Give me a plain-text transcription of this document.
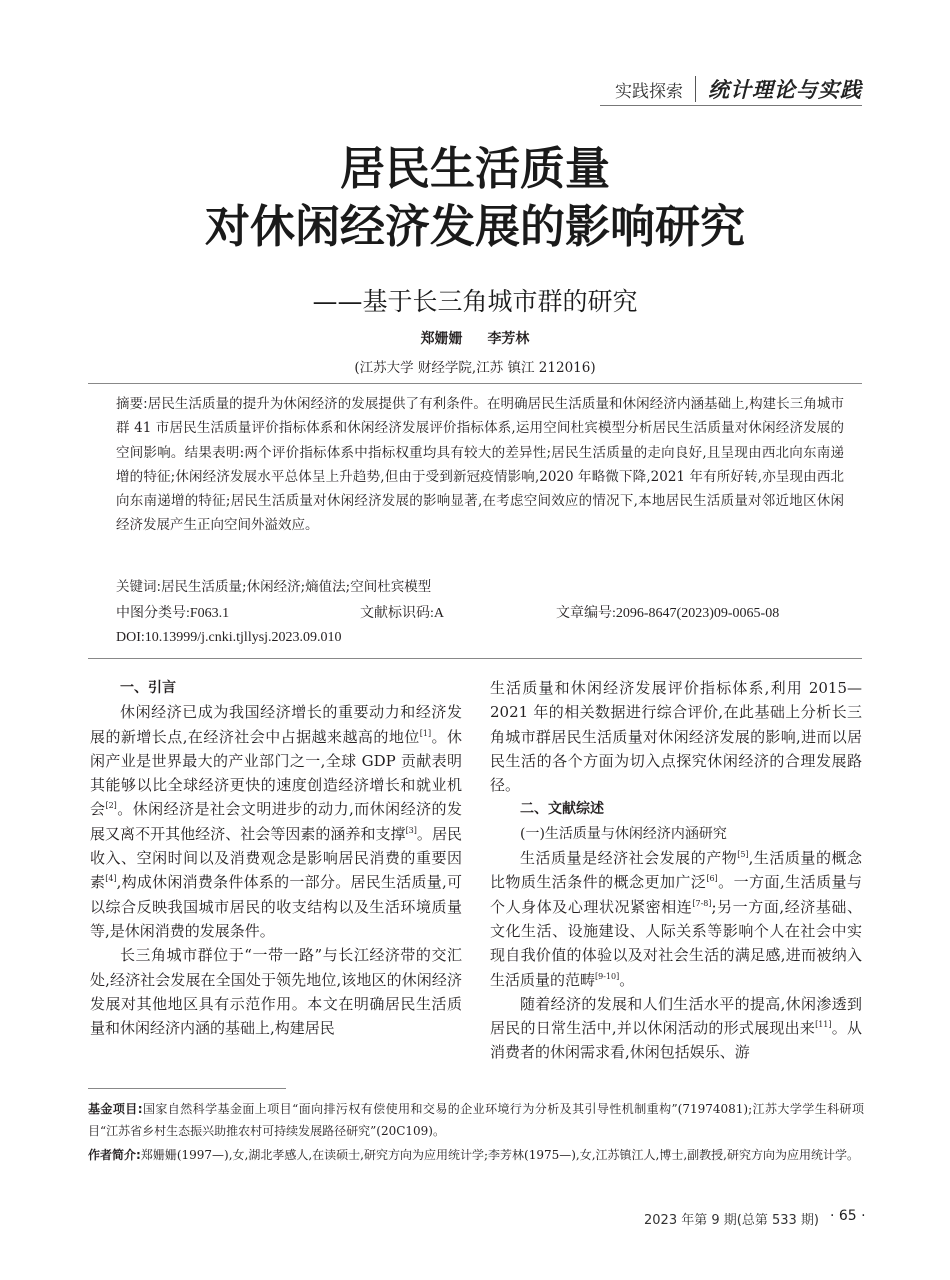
实践探索 统计理论与实践
居民生活质量
对休闲经济发展的影响研究
——基于长三角城市群的研究
郑姗姗 李芳林
(江苏大学 财经学院,江苏 镇江 212016)
摘要:居民生活质量的提升为休闲经济的发展提供了有利条件。在明确居民生活质量和休闲经济内涵基础上,构建长三角城市群 41 市居民生活质量评价指标体系和休闲经济发展评价指标体系,运用空间杜宾模型分析居民生活质量对休闲经济发展的空间影响。结果表明:两个评价指标体系中指标权重均具有较大的差异性;居民生活质量的走向良好,且呈现由西北向东南递增的特征;休闲经济发展水平总体呈上升趋势,但由于受到新冠疫情影响,2020 年略微下降,2021 年有所好转,亦呈现由西北向东南递增的特征;居民生活质量对休闲经济发展的影响显著,在考虑空间效应的情况下,本地居民生活质量对邻近地区休闲经济发展产生正向空间外溢效应。
关键词:居民生活质量;休闲经济;熵值法;空间杜宾模型
中图分类号:F063.1	文献标识码:A	文章编号:2096-8647(2023)09-0065-08
DOI:10.13999/j.cnki.tjllysj.2023.09.010

一、引言

休闲经济已成为我国经济增长的重要动力和经济发展的新增长点,在经济社会中占据越来越高的地位[1]。休闲产业是世界最大的产业部门之一,全球 GDP 贡献表明其能够以比全球经济更快的速度创造经济增长和就业机会[2]。休闲经济是社会文明进步的动力,而休闲经济的发展又离不开其他经济、社会等因素的涵养和支撑[3]。居民收入、空闲时间以及消费观念是影响居民消费的重要因素[4],构成休闲消费条件体系的一部分。居民生活质量,可以综合反映我国城市居民的收支结构以及生活环境质量等,是休闲消费的发展条件。

长三角城市群位于“一带一路”与长江经济带的交汇处,经济社会发展在全国处于领先地位,该地区的休闲经济发展对其他地区具有示范作用。本文在明确居民生活质量和休闲经济内涵的基础上,构建居民

生活质量和休闲经济发展评价指标体系,利用 2015—2021 年的相关数据进行综合评价,在此基础上分析长三角城市群居民生活质量对休闲经济发展的影响,进而以居民生活的各个方面为切入点探究休闲经济的合理发展路径。

二、文献综述

(一)生活质量与休闲经济内涵研究

生活质量是经济社会发展的产物[5],生活质量的概念比物质生活条件的概念更加广泛[6]。一方面,生活质量与个人身体及心理状况紧密相连[7-8];另一方面,经济基础、文化生活、设施建设、人际关系等影响个人在社会中实现自我价值的体验以及对社会生活的满足感,进而被纳入生活质量的范畴[9-10]。

随着经济的发展和人们生活水平的提高,休闲渗透到居民的日常生活中,并以休闲活动的形式展现出来[11]。从消费者的休闲需求看,休闲包括娱乐、游

基金项目:国家自然科学基金面上项目“面向排污权有偿使用和交易的企业环境行为分析及其引导性机制重构”(71974081);江苏大学学生科研项目“江苏省乡村生态振兴助推农村可持续发展路径研究”(20C109)。
作者简介:郑姗姗(1997—),女,湖北孝感人,在读硕士,研究方向为应用统计学;李芳林(1975—),女,江苏镇江人,博士,副教授,研究方向为应用统计学。
2023 年第 9 期(总第 533 期) · 65 ·
